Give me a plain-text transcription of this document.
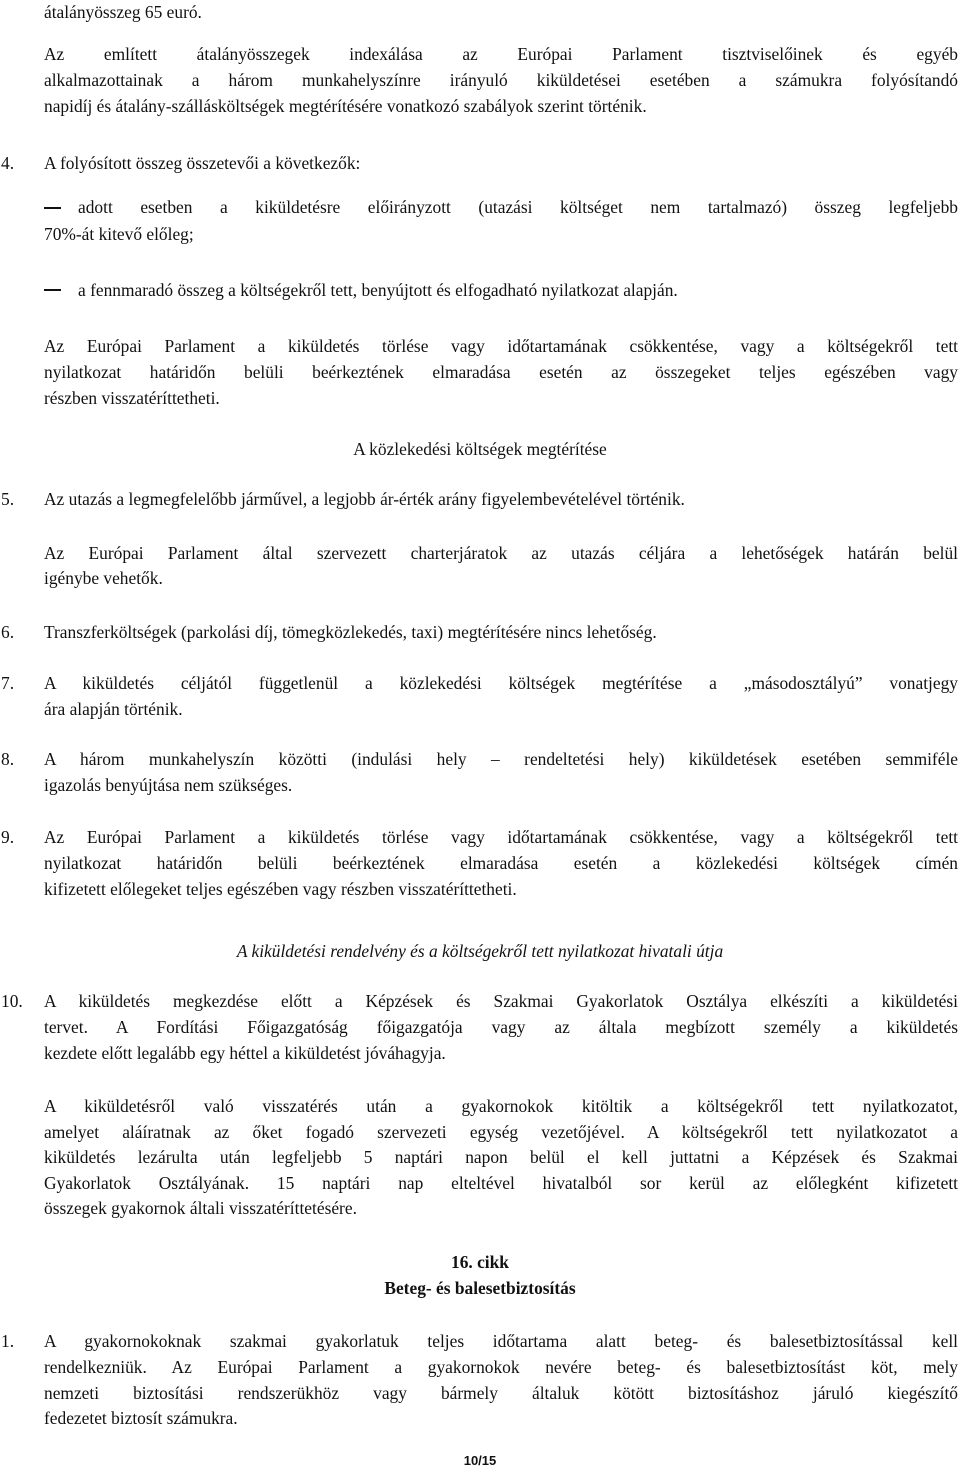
átalányösszeg 65 euró.

Az említett átalányösszegek indexálása az Európai Parlament tisztviselőinek és egyéb

alkalmazottainak a három munkahelyszínre irányuló kiküldetései esetében a számukra folyósítandó

napidíj és átalány-szállásköltségek megtérítésére vonatkozó szabályok szerint történik.

4. A folyósított összeg összetevői a következők:

adott esetben a kiküldetésre előirányzott (utazási költséget nem tartalmazó) összeg legfeljebb

70%-át kitevő előleg;

a fennmaradó összeg a költségekről tett, benyújtott és elfogadható nyilatkozat alapján.

Az Európai Parlament a kiküldetés törlése vagy időtartamának csökkentése, vagy a költségekről tett

nyilatkozat határidőn belüli beérkeztének elmaradása esetén az összegeket teljes egészében vagy

részben visszatéríttetheti.

A közlekedési költségek megtérítése

5. Az utazás a legmegfelelőbb járművel, a legjobb ár-érték arány figyelembevételével történik.

Az Európai Parlament által szervezett charterjáratok az utazás céljára a lehetőségek határán belül

igénybe vehetők.

6. Transzferköltségek (parkolási díj, tömegközlekedés, taxi) megtérítésére nincs lehetőség.

7. A kiküldetés céljától függetlenül a közlekedési költségek megtérítése a „másodosztályú” vonatjegy

ára alapján történik.

8. A három munkahelyszín közötti (indulási hely – rendeltetési hely) kiküldetések esetében semmiféle

igazolás benyújtása nem szükséges.

9. Az Európai Parlament a kiküldetés törlése vagy időtartamának csökkentése, vagy a költségekről tett

nyilatkozat határidőn belüli beérkeztének elmaradása esetén a közlekedési költségek címén

kifizetett előlegeket teljes egészében vagy részben visszatéríttetheti.

A kiküldetési rendelvény és a költségekről tett nyilatkozat hivatali útja

10. A kiküldetés megkezdése előtt a Képzések és Szakmai Gyakorlatok Osztálya elkészíti a kiküldetési

tervet. A Fordítási Főigazgatóság főigazgatója vagy az általa megbízott személy a kiküldetés

kezdete előtt legalább egy héttel a kiküldetést jóváhagyja.

A kiküldetésről való visszatérés után a gyakornokok kitöltik a költségekről tett nyilatkozatot,

amelyet aláíratnak az őket fogadó szervezeti egység vezetőjével. A költségekről tett nyilatkozatot a

kiküldetés lezárulta után legfeljebb 5 naptári napon belül el kell juttatni a Képzések és Szakmai

Gyakorlatok Osztályának. 15 naptári nap elteltével hivatalból sor kerül az előlegként kifizetett

összegek gyakornok általi visszatéríttetésére.

16. cikk

Beteg- és balesetbiztosítás

1. A gyakornokoknak szakmai gyakorlatuk teljes időtartama alatt beteg- és balesetbiztosítással kell

rendelkezniük. Az Európai Parlament a gyakornokok nevére beteg- és balesetbiztosítást köt, mely

nemzeti biztosítási rendszerükhöz vagy bármely általuk kötött biztosításhoz járuló kiegészítő

fedezetet biztosít számukra.

10/15
